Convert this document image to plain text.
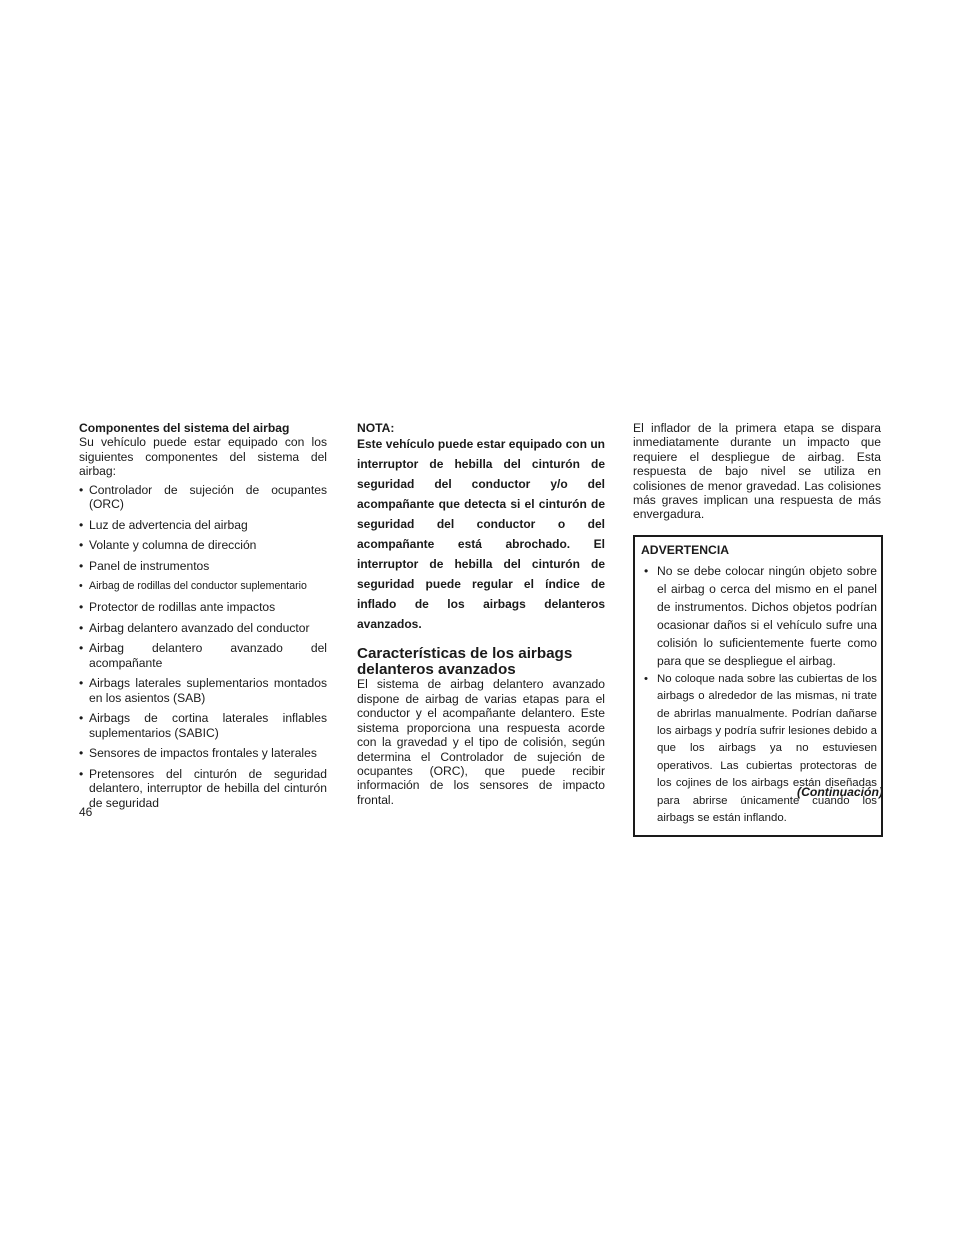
Componentes del sistema del airbag

Su vehículo puede estar equipado con los siguientes componentes del sistema del airbag:

• Controlador de sujeción de ocupantes (ORC)
• Luz de advertencia del airbag
• Volante y columna de dirección
• Panel de instrumentos
• Airbag de rodillas del conductor suplementario
• Protector de rodillas ante impactos
• Airbag delantero avanzado del conductor
• Airbag delantero avanzado del acompañante
• Airbags laterales suplementarios montados en los asientos (SAB)
• Airbags de cortina laterales inflables suplementarios (SABIC)
• Sensores de impactos frontales y laterales
• Pretensores del cinturón de seguridad delantero, interruptor de hebilla del cinturón de seguridad
NOTA:

Este vehículo puede estar equipado con un interruptor de hebilla del cinturón de seguridad del conductor y/o del acompañante que detecta si el cinturón de seguridad del conductor o del acompañante está abrochado. El interruptor de hebilla del cinturón de seguridad puede regular el índice de inflado de los airbags delanteros avanzados.

Características de los airbags
delanteros avanzados

El sistema de airbag delantero avanzado dispone de airbag de varias etapas para el conductor y el acompañante delantero. Este sistema proporciona una respuesta acorde con la gravedad y el tipo de colisión, según determina el Controlador de sujeción de ocupantes (ORC), que puede recibir información de los sensores de impacto frontal.

El inflador de la primera etapa se dispara inmediatamente durante un impacto que requiere el despliegue de airbag. Esta respuesta de bajo nivel se utiliza en colisiones de menor gravedad. Las colisiones más graves implican una respuesta de más envergadura.

ADVERTENCIA
• No se debe colocar ningún objeto sobre el airbag o cerca del mismo en el panel de instrumentos. Dichos objetos podrían ocasionar daños si el vehículo sufre una colisión lo suficientemente fuerte como para que se despliegue el airbag.
• No coloque nada sobre las cubiertas de los airbags o alrededor de las mismas, ni trate de abrirlas manualmente. Podrían dañarse los airbags y podría sufrir lesiones debido a que los airbags ya no estuviesen operativos. Las cubiertas protectoras de los cojines de los airbags están diseñadas para abrirse únicamente cuando los airbags se están inflando.
(Continuación)
46
